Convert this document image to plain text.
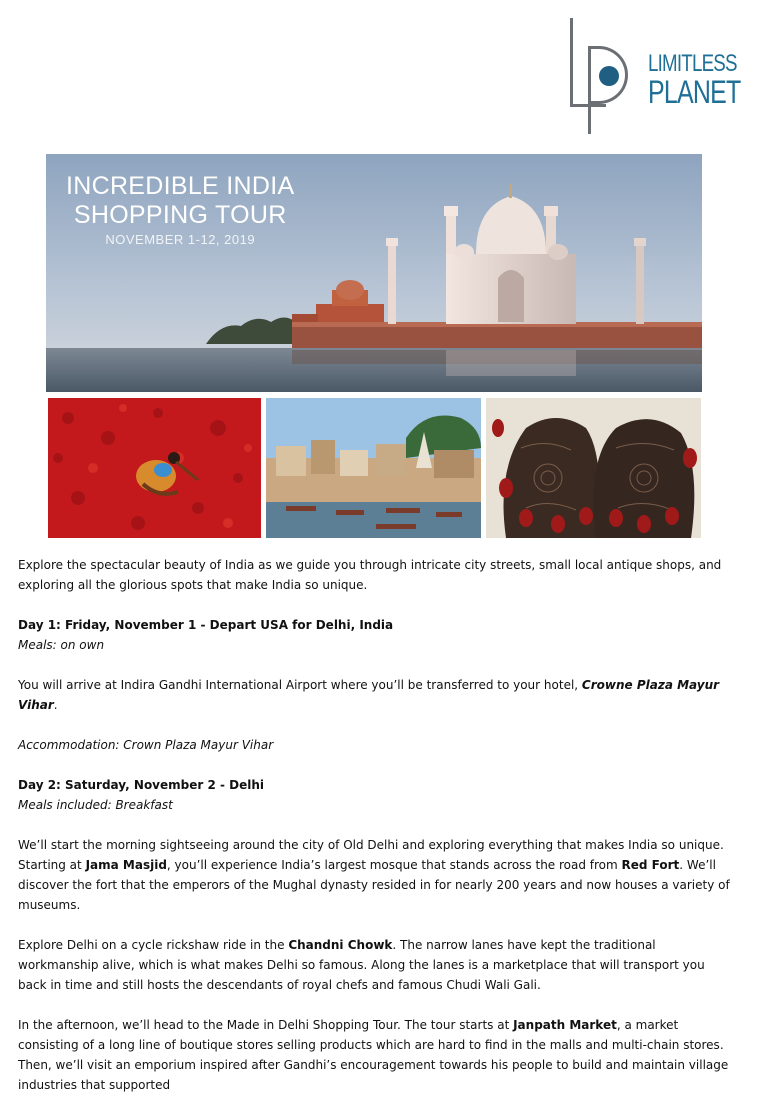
LIMITLESS
PLANET
INCREDIBLE INDIA
SHOPPING TOUR
NOVEMBER 1-12, 2019

Explore the spectacular beauty of India as we guide you through intricate city streets, small local antique shops, and exploring all the glorious spots that make India so unique.

Day 1: Friday, November 1 - Depart USA for Delhi, India

Meals: on own

You will arrive at Indira Gandhi International Airport where you’ll be transferred to your hotel, Crowne Plaza Mayur Vihar.

Accommodation: Crown Plaza Mayur Vihar

Day 2: Saturday, November 2 - Delhi

Meals included: Breakfast

We’ll start the morning sightseeing around the city of Old Delhi and exploring everything that makes India so unique. Starting at Jama Masjid, you’ll experience India’s largest mosque that stands across the road from Red Fort. We’ll discover the fort that the emperors of the Mughal dynasty resided in for nearly 200 years and now houses a variety of museums.

Explore Delhi on a cycle rickshaw ride in the Chandni Chowk. The narrow lanes have kept the traditional workmanship alive, which is what makes Delhi so famous. Along the lanes is a marketplace that will transport you back in time and still hosts the descendants of royal chefs and famous Chudi Wali Gali.

In the afternoon, we’ll head to the Made in Delhi Shopping Tour. The tour starts at Janpath Market, a market consisting of a long line of boutique stores selling products which are hard to find in the malls and multi-chain stores. Then, we’ll visit an emporium inspired after Gandhi’s encouragement towards his people to build and maintain village industries that supported
